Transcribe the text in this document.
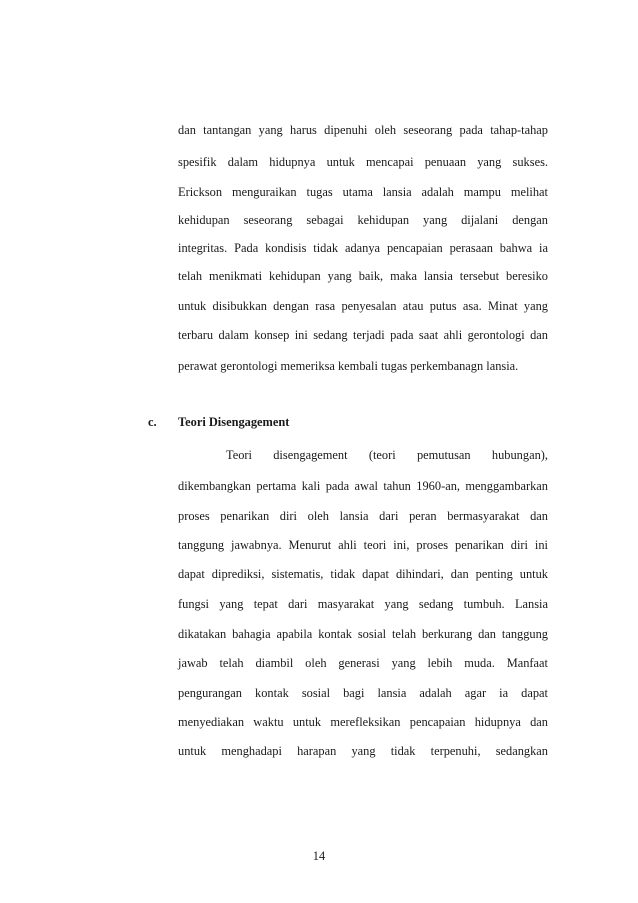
dan tantangan yang harus dipenuhi oleh seseorang pada tahap-tahap
spesifik dalam hidupnya untuk mencapai penuaan yang sukses.
Erickson menguraikan tugas utama lansia adalah mampu melihat
kehidupan seseorang sebagai kehidupan yang dijalani dengan
integritas. Pada kondisis tidak adanya pencapaian perasaan bahwa ia
telah menikmati kehidupan yang baik, maka lansia tersebut beresiko
untuk disibukkan dengan rasa penyesalan atau putus asa. Minat yang
terbaru dalam konsep ini sedang terjadi pada saat ahli gerontologi dan
perawat gerontologi memeriksa kembali tugas perkembanagn lansia.
c. Teori Disengagement
Teori disengagement (teori pemutusan hubungan),
dikembangkan pertama kali pada awal tahun 1960-an, menggambarkan
proses penarikan diri oleh lansia dari peran bermasyarakat dan
tanggung jawabnya. Menurut ahli teori ini, proses penarikan diri ini
dapat diprediksi, sistematis, tidak dapat dihindari, dan penting untuk
fungsi yang tepat dari masyarakat yang sedang tumbuh. Lansia
dikatakan bahagia apabila kontak sosial telah berkurang dan tanggung
jawab telah diambil oleh generasi yang lebih muda. Manfaat
pengurangan kontak sosial bagi lansia adalah agar ia dapat
menyediakan waktu untuk merefleksikan pencapaian hidupnya dan
untuk menghadapi harapan yang tidak terpenuhi, sedangkan
14
